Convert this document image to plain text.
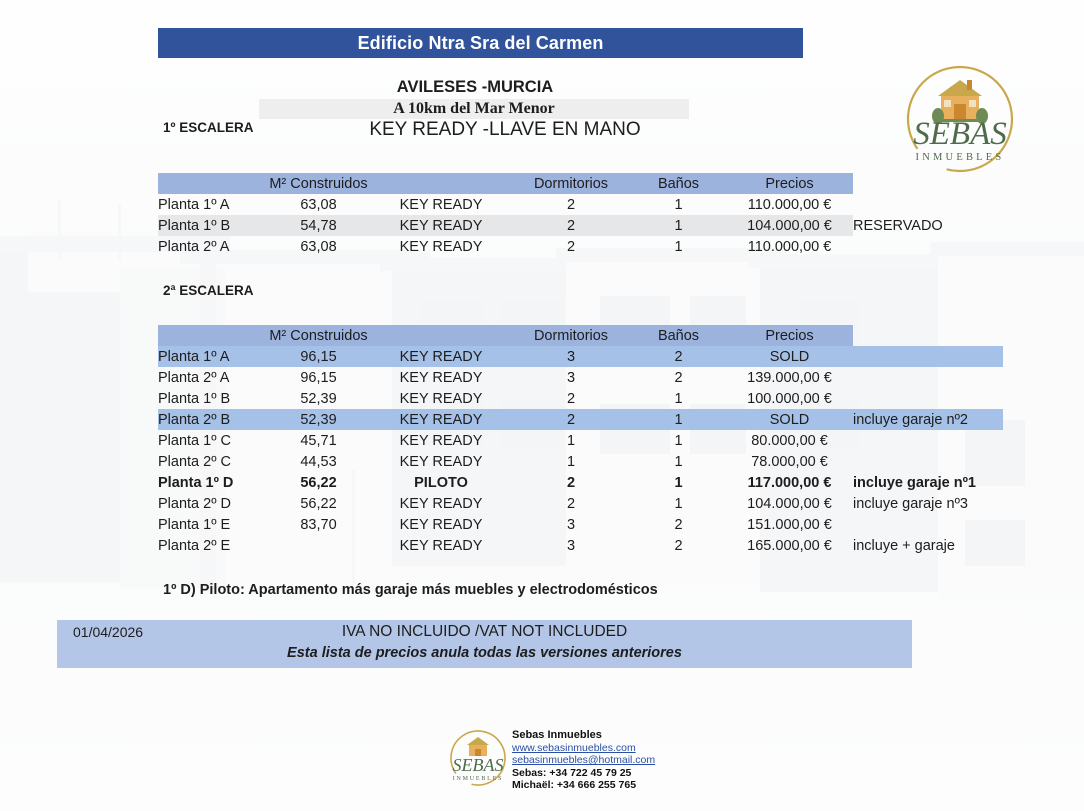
Edificio Ntra Sra del Carmen
AVILESES -MURCIA
A 10km del Mar Menor
KEY READY -LLAVE EN MANO
1º ESCALERA
2ª ESCALERA
	M² Construidos		Dormitorios	Baños	Precios	
Planta 1º A	63,08	KEY READY	2	1	110.000,00 €	
Planta 1º B	54,78	KEY READY	2	1	104.000,00 €	RESERVADO
Planta 2º A	63,08	KEY READY	2	1	110.000,00 €	
	M² Construidos		Dormitorios	Baños	Precios	
Planta 1º A	96,15	KEY READY	3	2	SOLD	
Planta 2º A	96,15	KEY READY	3	2	139.000,00 €	
Planta 1º B	52,39	KEY READY	2	1	100.000,00 €	
Planta 2º B	52,39	KEY READY	2	1	SOLD	incluye garaje nº2
Planta 1º C	45,71	KEY READY	1	1	80.000,00 €	
Planta 2º C	44,53	KEY READY	1	1	78.000,00 €	
Planta 1º D	56,22	PILOTO	2	1	117.000,00 €	incluye garaje nº1
Planta 2º D	56,22	KEY READY	2	1	104.000,00 €	incluye garaje nº3
Planta 1º E	83,70	KEY READY	3	2	151.000,00 €	
Planta 2º E		KEY READY	3	2	165.000,00 €	incluye + garaje
1º D) Piloto: Apartamento más garaje más muebles y electrodomésticos
01/04/2026	IVA NO INCLUIDO /VAT NOT INCLUDED
Esta lista de precios anula todas las versiones anteriores
SEBAS
INMUEBLES
SEBAS
INMUEBLES
Sebas Inmuebles
www.sebasinmuebles.com
sebasinmuebles@hotmail.com
Sebas: +34 722 45 79 25
Michaël: +34 666 255 765
